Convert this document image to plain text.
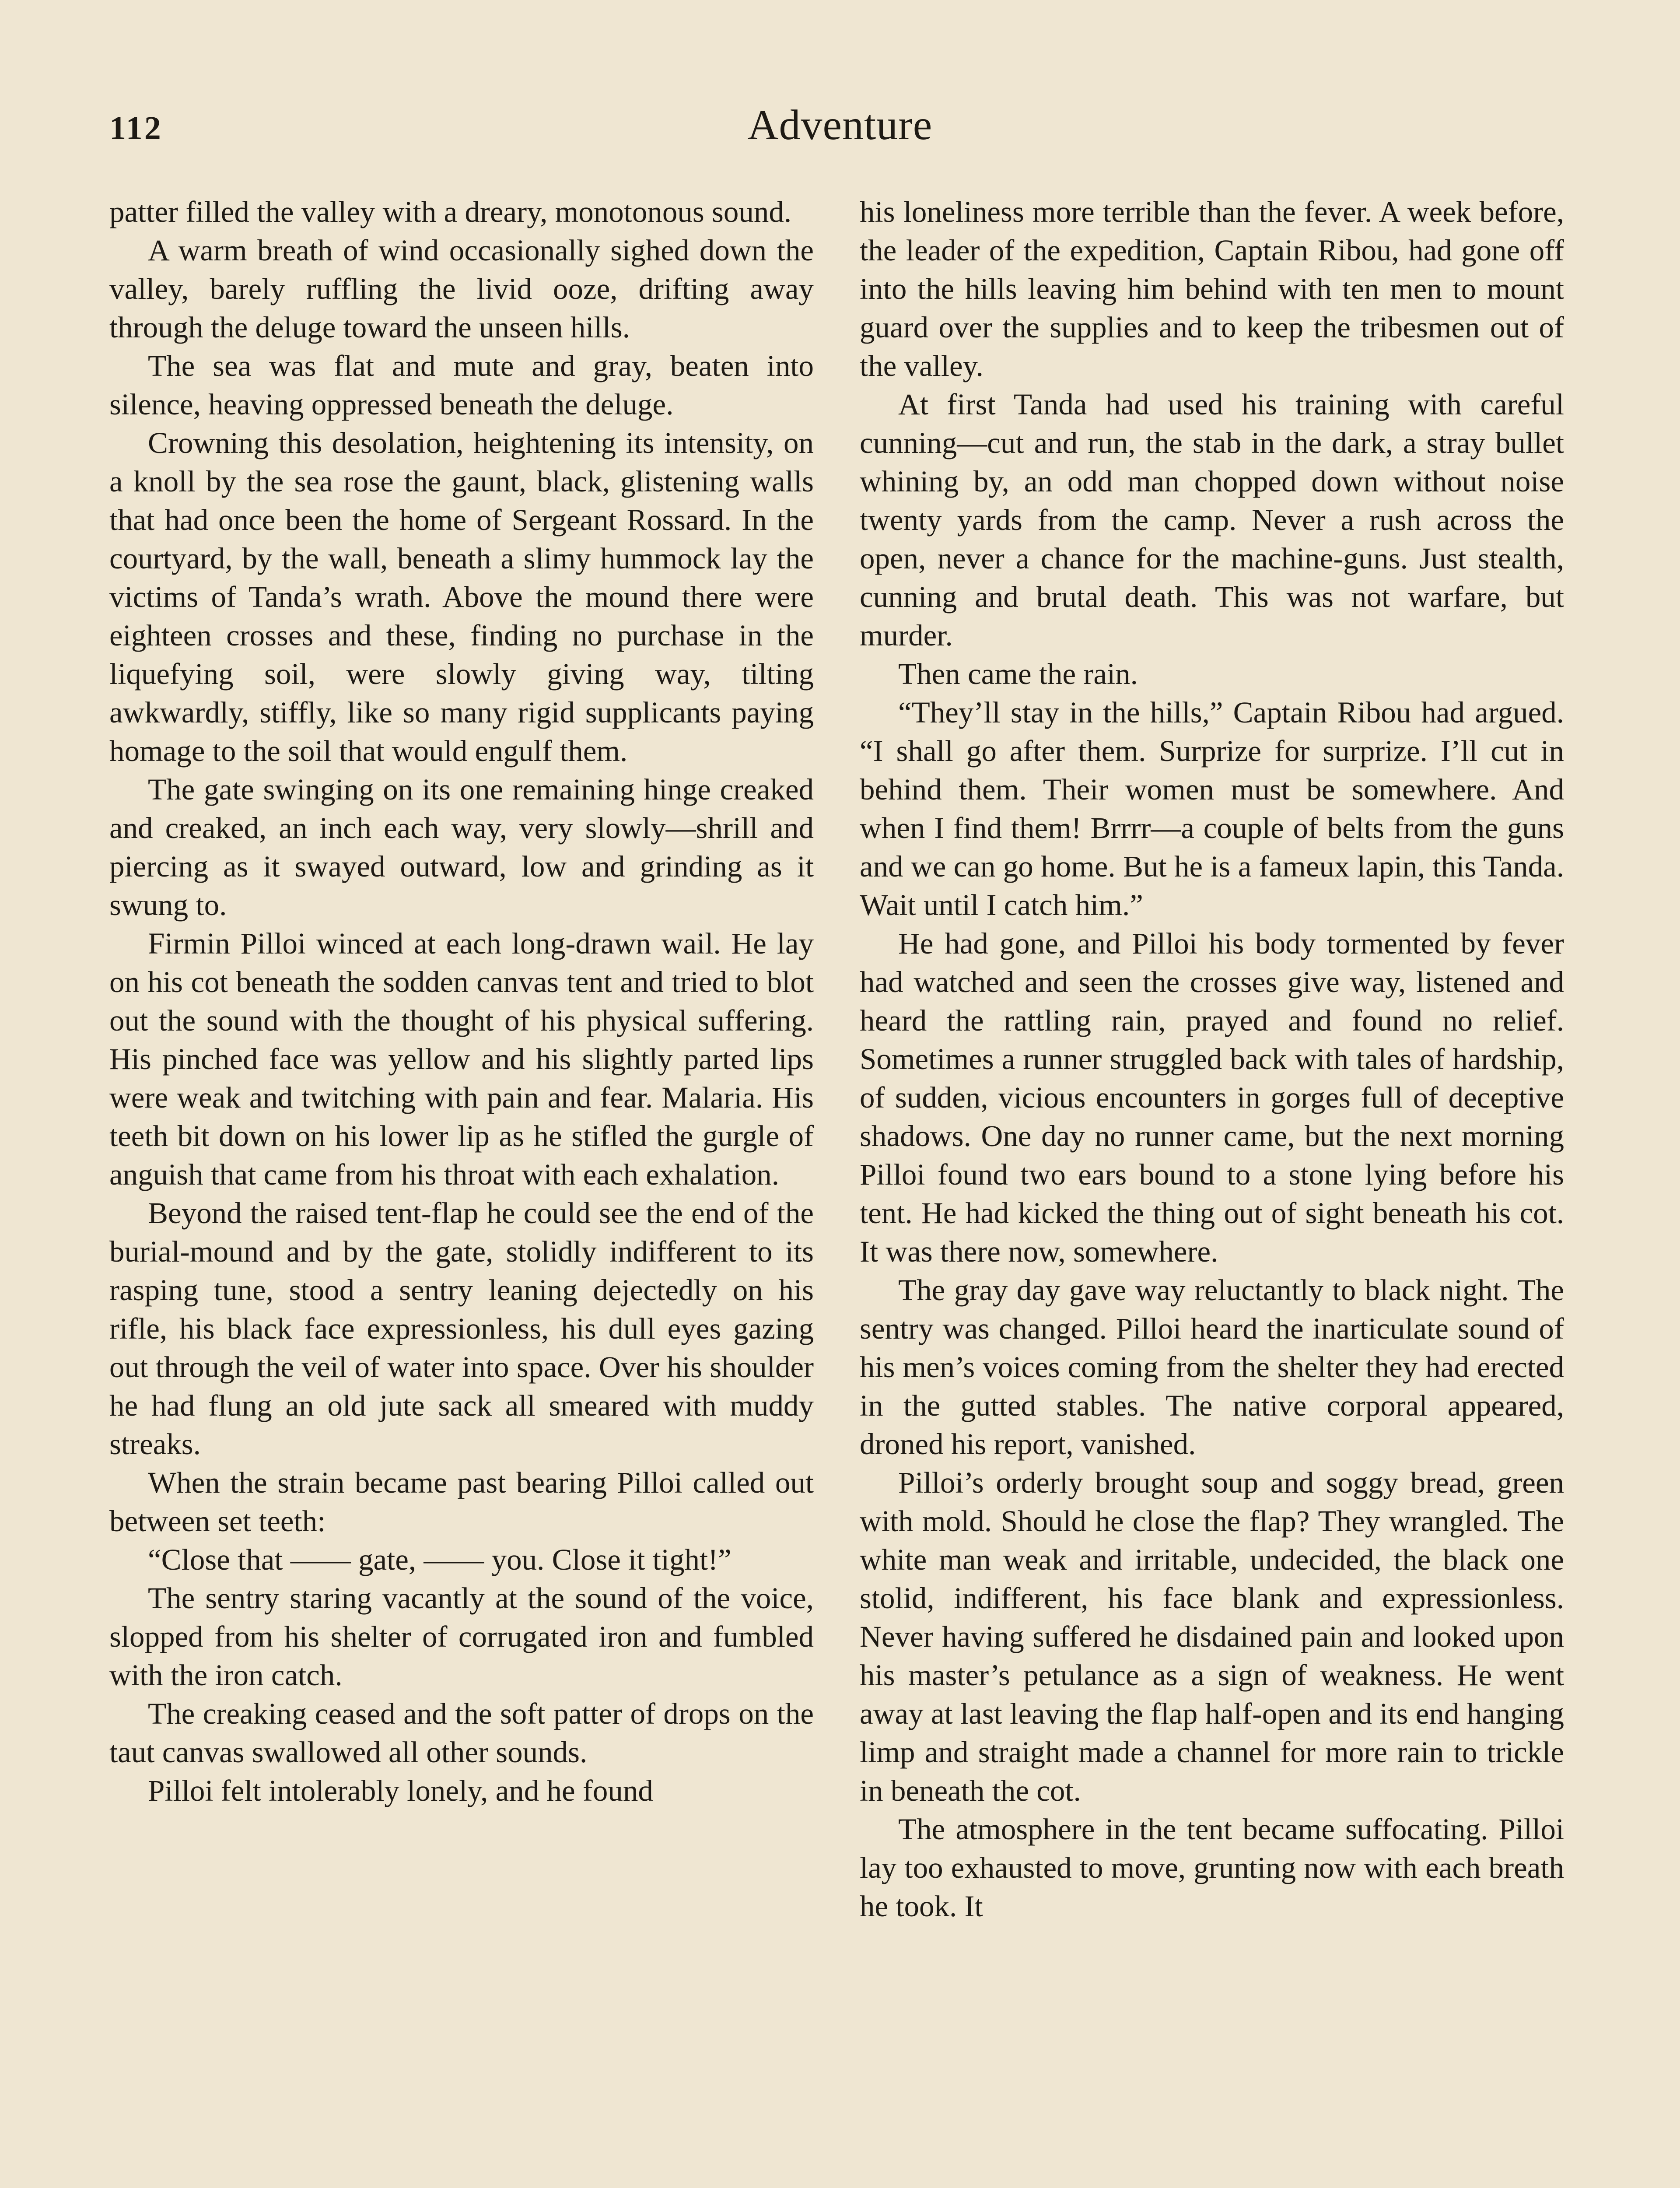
112	Adventure

patter filled the valley with a dreary, monotonous sound.

A warm breath of wind occasionally sighed down the valley, barely ruffling the livid ooze, drifting away through the deluge toward the unseen hills.

The sea was flat and mute and gray, beaten into silence, heaving oppressed beneath the deluge.

Crowning this desolation, heightening its intensity, on a knoll by the sea rose the gaunt, black, glistening walls that had once been the home of Sergeant Rossard. In the courtyard, by the wall, beneath a slimy hummock lay the victims of Tanda’s wrath. Above the mound there were eighteen crosses and these, finding no purchase in the liquefying soil, were slowly giving way, tilting awkwardly, stiffly, like so many rigid supplicants paying homage to the soil that would engulf them.

The gate swinging on its one remaining hinge creaked and creaked, an inch each way, very slowly—shrill and piercing as it swayed outward, low and grinding as it swung to.

Firmin Pilloi winced at each long-drawn wail. He lay on his cot beneath the sodden canvas tent and tried to blot out the sound with the thought of his physical suffering. His pinched face was yellow and his slightly parted lips were weak and twitching with pain and fear. Malaria. His teeth bit down on his lower lip as he stifled the gurgle of anguish that came from his throat with each exhalation.

Beyond the raised tent-flap he could see the end of the burial-mound and by the gate, stolidly indifferent to its rasping tune, stood a sentry leaning dejectedly on his rifle, his black face expressionless, his dull eyes gazing out through the veil of water into space. Over his shoulder he had flung an old jute sack all smeared with muddy streaks.

When the strain became past bearing Pilloi called out between set teeth:

“Close that —— gate, —— you. Close it tight!”

The sentry staring vacantly at the sound of the voice, slopped from his shelter of corrugated iron and fumbled with the iron catch.

The creaking ceased and the soft patter of drops on the taut canvas swallowed all other sounds.

Pilloi felt intolerably lonely, and he found

his loneliness more terrible than the fever. A week before, the leader of the expedition, Captain Ribou, had gone off into the hills leaving him behind with ten men to mount guard over the supplies and to keep the tribesmen out of the valley.

At first Tanda had used his training with careful cunning—cut and run, the stab in the dark, a stray bullet whining by, an odd man chopped down without noise twenty yards from the camp. Never a rush across the open, never a chance for the machine-guns. Just stealth, cunning and brutal death. This was not warfare, but murder.

Then came the rain.

“They’ll stay in the hills,” Captain Ribou had argued. “I shall go after them. Surprize for surprize. I’ll cut in behind them. Their women must be somewhere. And when I find them! Brrrr—a couple of belts from the guns and we can go home. But he is a fameux lapin, this Tanda. Wait until I catch him.”

He had gone, and Pilloi his body tormented by fever had watched and seen the crosses give way, listened and heard the rattling rain, prayed and found no relief. Sometimes a runner struggled back with tales of hardship, of sudden, vicious encounters in gorges full of deceptive shadows. One day no runner came, but the next morning Pilloi found two ears bound to a stone lying before his tent. He had kicked the thing out of sight beneath his cot. It was there now, somewhere.

The gray day gave way reluctantly to black night. The sentry was changed. Pilloi heard the inarticulate sound of his men’s voices coming from the shelter they had erected in the gutted stables. The native corporal appeared, droned his report, vanished.

Pilloi’s orderly brought soup and soggy bread, green with mold. Should he close the flap? They wrangled. The white man weak and irritable, undecided, the black one stolid, indifferent, his face blank and expressionless. Never having suffered he disdained pain and looked upon his master’s petulance as a sign of weakness. He went away at last leaving the flap half-open and its end hanging limp and straight made a channel for more rain to trickle in beneath the cot.

The atmosphere in the tent became suffocating. Pilloi lay too exhausted to move, grunting now with each breath he took. It
